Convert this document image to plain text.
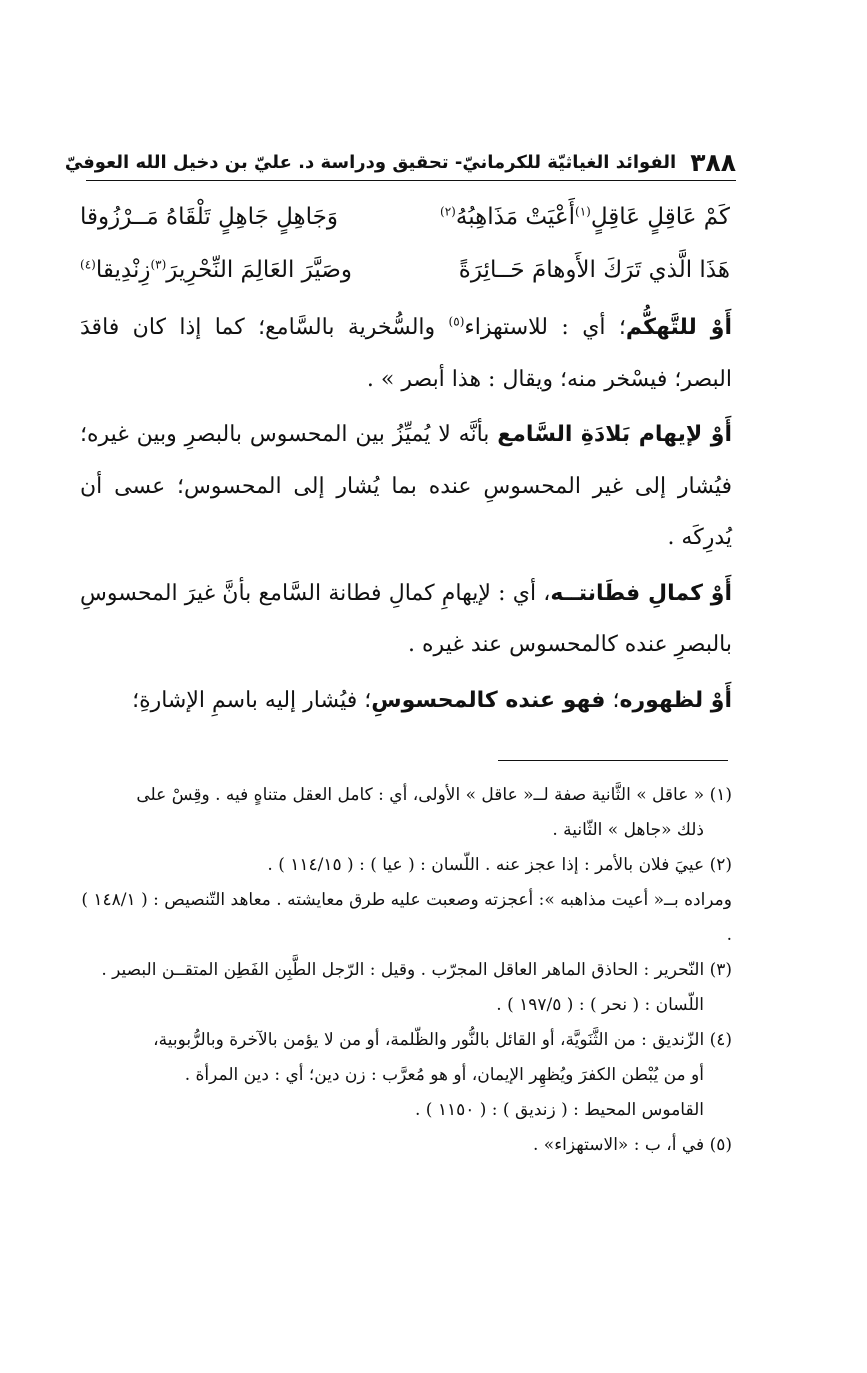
٣٨٨
الفوائد الغياثيّة للكرمانيّ- تحقيق ودراسة د. عليّ بن دخيل الله العوفيّ
كَمْ عَاقِلٍ عَاقِلٍ$^{(١)}$أَعْيَتْ مَذَاهِبُهُ$^{(٢)}$
وَجَاهِلٍ جَاهِلٍ تَلْقَاهُ مَــرْزُوقا
هَذَا الَّذي تَرَكَ الأَوهامَ حَــائِرَةً
وصَيَّرَ العَالِمَ النِّحْرِيرَ$^{(٣)}$زِنْدِيقا$^{(٤)}$

أَوْ للتَّهكُّم؛ أي : للاستهزاء$^{(٥)}$ والسُّخرية بالسَّامع؛ كما إذا كان فاقدَ البصر؛ فيسْخر منه؛ ويقال : هذا أبصر » .

أَوْ لإيهام بَلادَةِ السَّامع بأنَّه لا يُميِّزُ بين المحسوس بالبصرِ وبين غيره؛ فيُشار إلى غير المحسوسِ عنده بما يُشار إلى المحسوس؛ عسى أن يُدرِكَه .

أَوْ كمالِ فطَانتــه، أي : لإيهامِ كمالِ فطانة السَّامع بأنَّ غيرَ المحسوسِ بالبصرِ عنده كالمحسوس عند غيره .

أَوْ لظهوره؛ فهو عنده كالمحسوسِ؛ فيُشار إليه باسمِ الإشارةِ؛

(١) « عاقل » الثَّانية صفة لــ« عاقل » الأولى، أي : كامل العقل متناهٍ فيه . وقِسْ على
ذلك «جاهل » الثّانية .

(٢) عييَ فلان بالأمر : إذا عجز عنه . اللّسان : ( عيا ) : ( ١١٤/١٥ ) .

ومراده بــ« أعيت مذاهبه »: أعجزته وصعبت عليه طرق معايشته . معاهد التّنصيص : ( ١٤٨/١ ) .

(٣) النّحرير : الحاذق الماهر العاقل المجرّب . وقيل : الرّجل الطَّبِن الفَطِن المتقــن البصير .
اللّسان : ( نحر ) : ( ١٩٧/٥ ) .

(٤) الزّنديق : من الثَّنَويَّة، أو القائل بالنُّور والظّلمة، أو من لا يؤمن بالآخرة وبالرُّبوبية،
أو من يُبْطن الكفرَ ويُظهِر الإيمان، أو هو مُعرَّب : زن دين؛ أي : دين المرأة .
القاموس المحيط : ( زنديق ) : ( ١١٥٠ ) .

(٥) في أ، ب : «الاستهزاء» .
